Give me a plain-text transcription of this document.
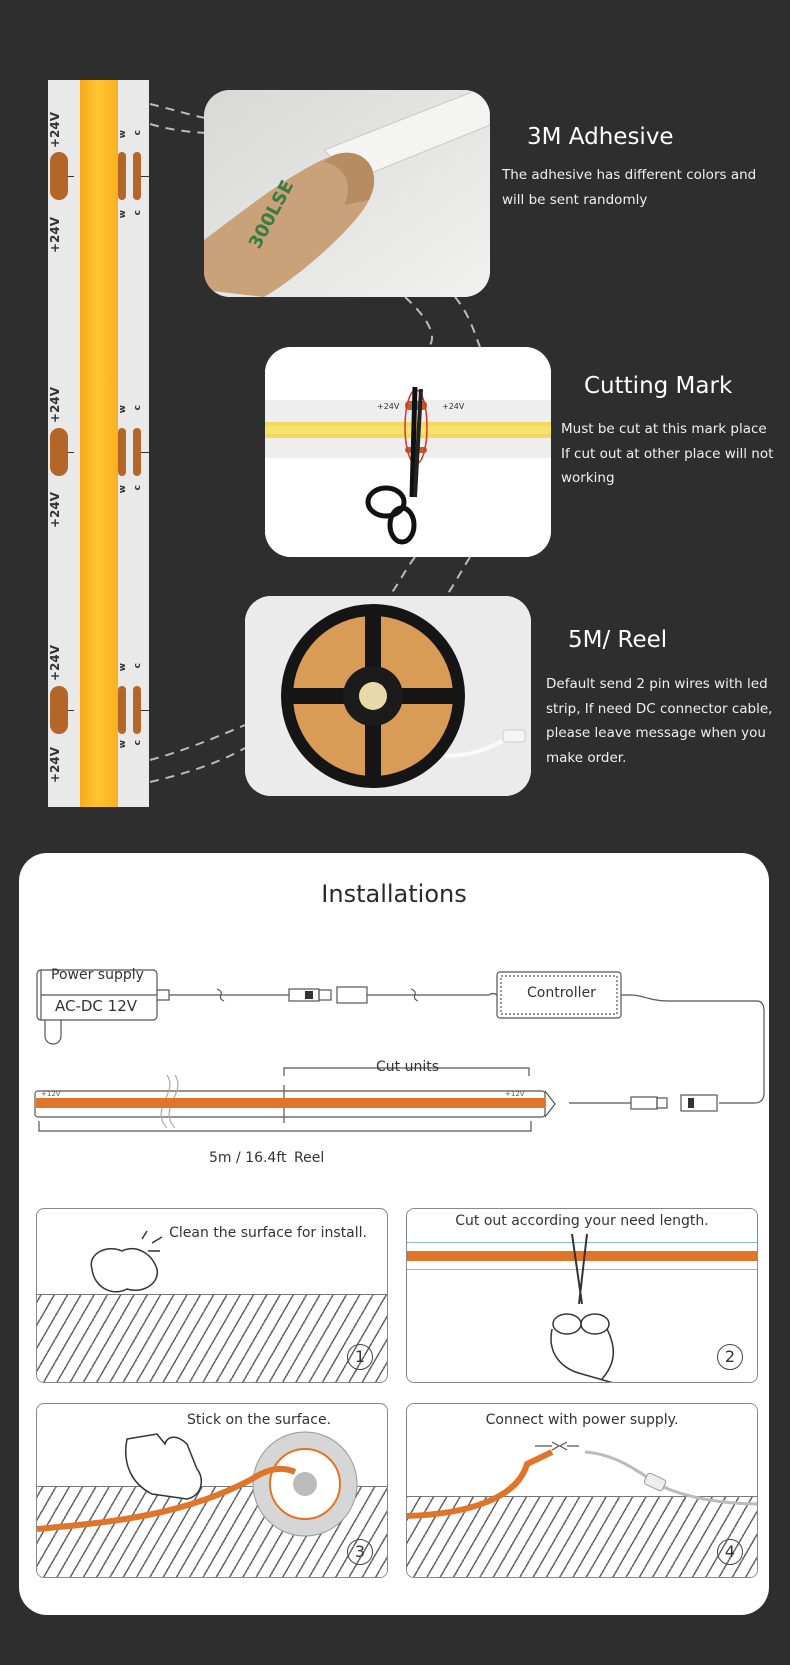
+24V
+24V
w c
w c
+24V
+24V
w c
w c
+24V
+24V
w c
w c
300LSE
3M Adhesive
The adhesive has different colors and will be sent randomly
+24V	+24V
Cutting Mark
Must be cut at this mark place If cut out at other place will not working
5M/ Reel
Default send 2 pin wires with led strip, If need DC connector cable, please leave message when you make order.
Installations
+12V	+12V
Power supply
AC-DC 12V
Controller
Cut units
5m / 16.4ft Reel
Clean the surface for install.
1
Cut out according your need length.
2
Stick on the surface.
3
Connect with power supply.
4
